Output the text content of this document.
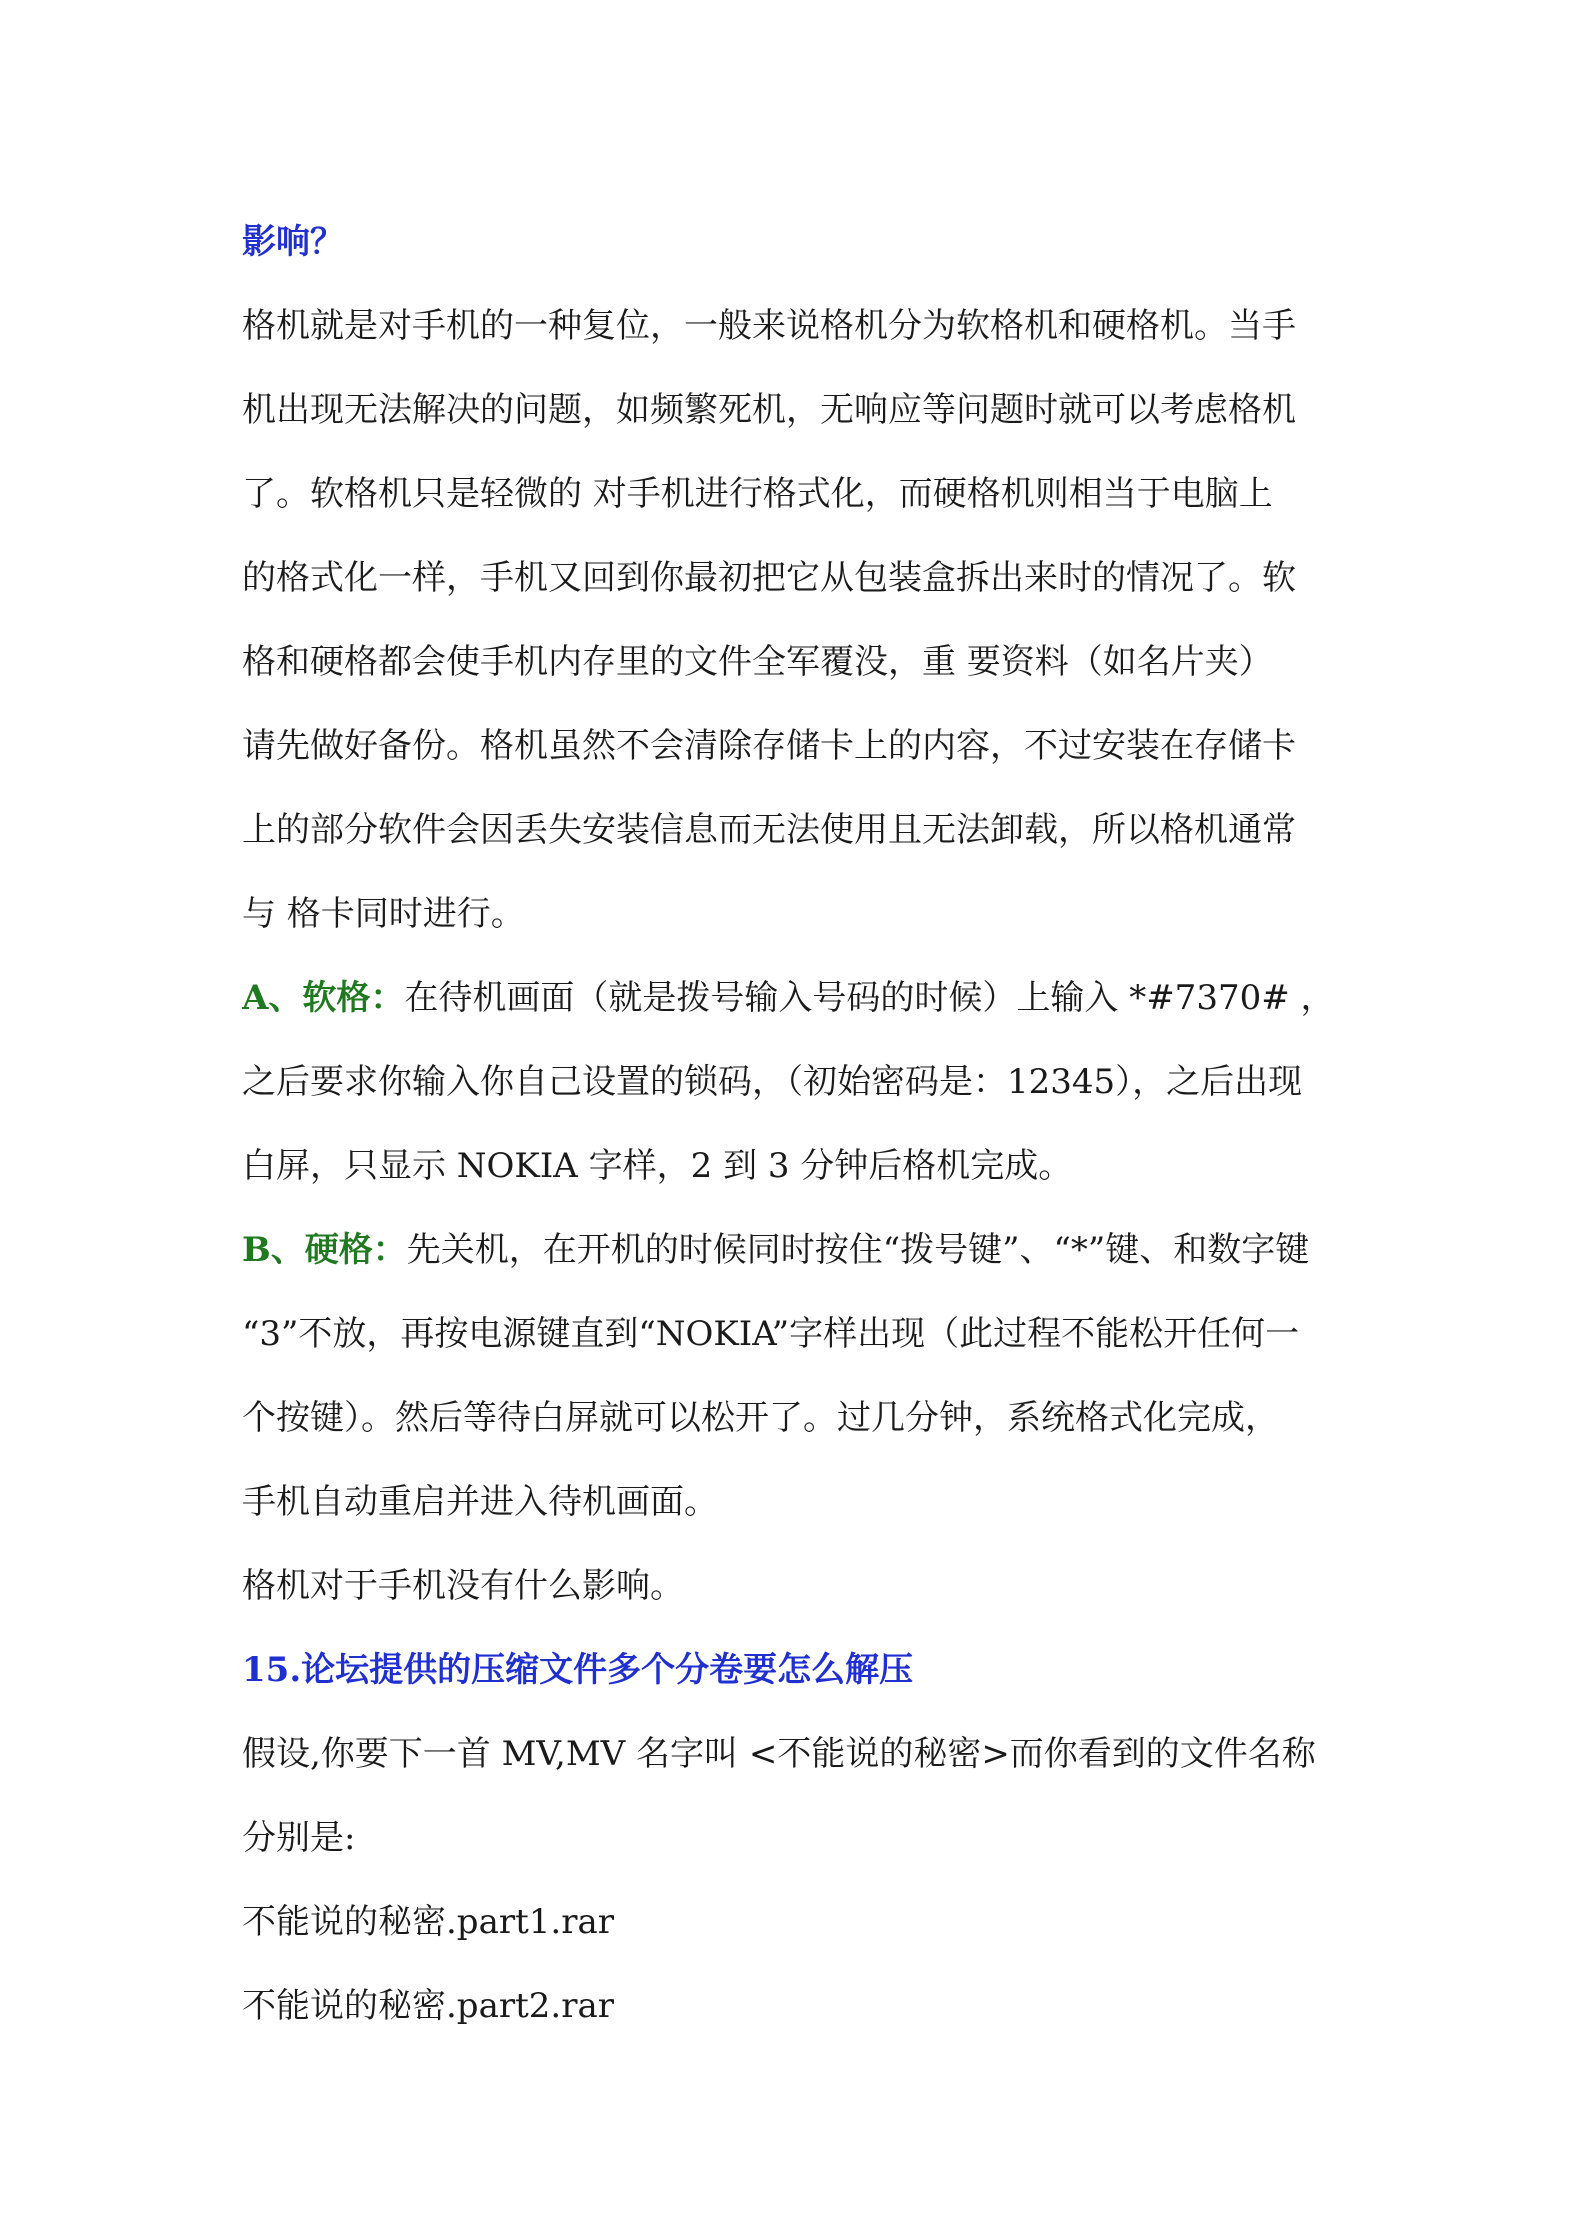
影响？
格机就是对手机的一种复位，一般来说格机分为软格机和硬格机。当手
机出现无法解决的问题，如频繁死机，无响应等问题时就可以考虑格机
了。软格机只是轻微的 对手机进行格式化，而硬格机则相当于电脑上
的格式化一样，手机又回到你最初把它从包装盒拆出来时的情况了。软
格和硬格都会使手机内存里的文件全军覆没，重 要资料（如名片夹）
请先做好备份。格机虽然不会清除存储卡上的内容，不过安装在存储卡
上的部分软件会因丢失安装信息而无法使用且无法卸载，所以格机通常
与 格卡同时进行。
A、软格：在待机画面（就是拨号输入号码的时候）上输入 *#7370# ，
之后要求你输入你自己设置的锁码，（初始密码是：12345），之后出现
白屏，只显示 NOKIA 字样，2 到 3 分钟后格机完成。
B、硬格：先关机，在开机的时候同时按住“拨号键”、“*”键、和数字键
“3”不放，再按电源键直到“NOKIA”字样出现（此过程不能松开任何一
个按键）。然后等待白屏就可以松开了。过几分钟，系统格式化完成，
手机自动重启并进入待机画面。
格机对于手机没有什么影响。
15.论坛提供的压缩文件多个分卷要怎么解压
假设,你要下一首 MV,MV 名字叫 <不能说的秘密>而你看到的文件名称
分别是:
不能说的秘密.part1.rar
不能说的秘密.part2.rar
